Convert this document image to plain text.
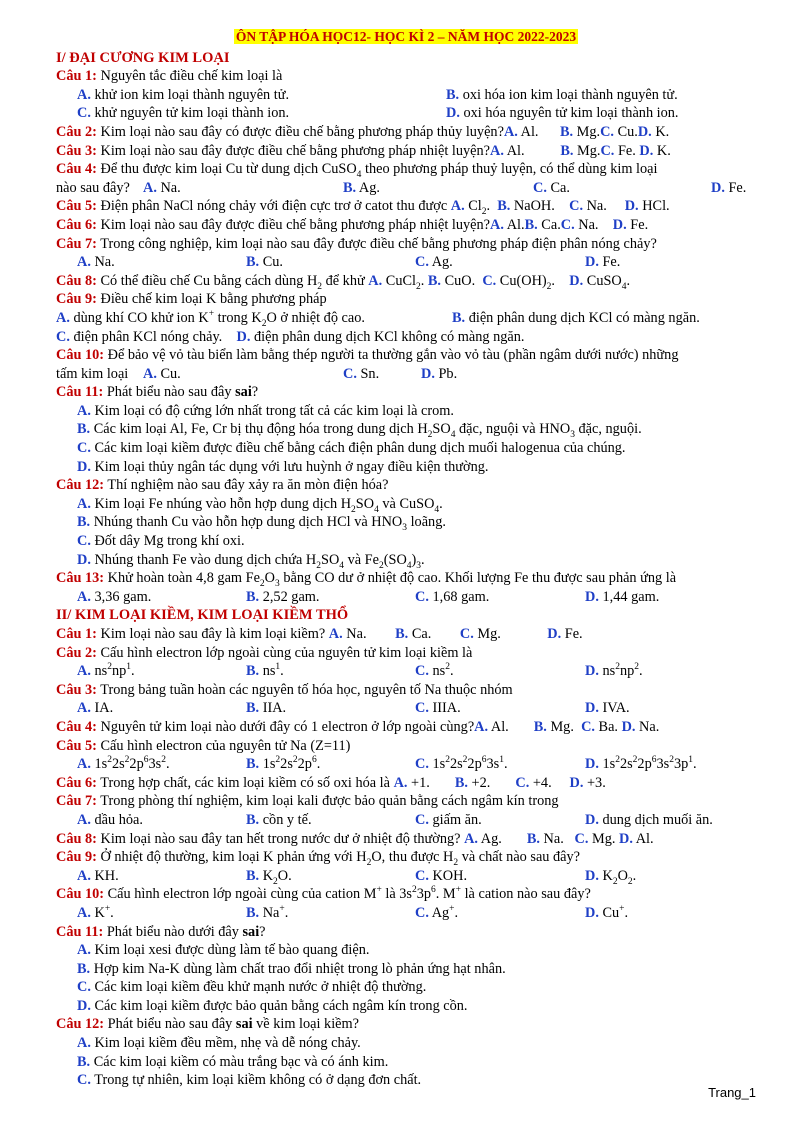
ÔN TẬP HÓA HỌC12- HỌC KÌ 2 – NĂM HỌC 2022-2023
I/ ĐẠI CƯƠNG KIM LOẠI
Câu 1: Nguyên tắc điều chế kim loại là
A. khử ion kim loại thành nguyên tử.	B. oxi hóa ion kim loại thành nguyên tử.
C. khử nguyên tử kim loại thành ion.	D. oxi hóa nguyên tử kim loại thành ion.
Câu 2: Kim loại nào sau đây có được điều chế bằng phương pháp thủy luyện?A. Al.      B. Mg.C. Cu.D. K.
Câu 3: Kim loại nào sau đây được điều chế bằng phương pháp nhiệt luyện?A. Al.          B. Mg.C. Fe. D. K.
Câu 4: Để thu được kim loại Cu từ dung dịch CuSO$_4$ theo phương pháp thuỷ luyện, có thể dùng kim loại
nào sau đây? A. Na.	B. Ag.	C. Ca.	D. Fe.
Câu 5: Điện phân NaCl nóng chảy với điện cực trơ ở catot thu được A. $Cl_2$.  B. NaOH.    C. Na.     D. HCl.
Câu 6: Kim loại nào sau đây được điều chế bằng phương pháp nhiệt luyện?A. Al.B. Ca.C. Na.    D. Fe.
Câu 7: Trong công nghiệp, kim loại nào sau đây được điều chế bằng phương pháp điện phân nóng chảy?
A. Na.	B. Cu.	C. Ag.	D. Fe.
Câu 8: Có thể điều chế Cu bằng cách dùng $H_2$ để khử A. CuCl$_2$. B. CuO.  C. $Cu(OH)_2$.    D. CuSO$_4$.
Câu 9: Điều chế kim loại K bằng phương pháp
A. dùng khí CO khử ion K+ trong $K_2O$ ở nhiệt độ cao.	B. điện phân dung dịch KCl có màng ngăn.
C. điện phân KCl nóng chảy.    D. điện phân dung dịch KCl không có màng ngăn.
Câu 10: Để bảo vệ vỏ tàu biển làm bằng thép người ta thường gắn vào vỏ tàu (phần ngâm dưới nước) những
tấm kim loại	A. Cu.	C. Sn.	D. Pb.
Câu 11: Phát biểu nào sau đây sai?
A. Kim loại có độ cứng lớn nhất trong tất cả các kim loại là crom.
B. Các kim loại Al, Fe, Cr bị thụ động hóa trong dung dịch $H_2SO_4$ đặc, nguội và $HNO_3$ đặc, nguội.
C. Các kim loại kiềm được điều chế bằng cách điện phân dung dịch muối halogenua của chúng.
D. Kim loại thủy ngân tác dụng với lưu huỳnh ở ngay điều kiện thường.
Câu 12: Thí nghiệm nào sau đây xảy ra ăn mòn điện hóa?
A. Kim loại Fe nhúng vào hỗn hợp dung dịch $H_2SO_4$ và CuSO$_4$.
B. Nhúng thanh Cu vào hỗn hợp dung dịch HCl và $HNO_3$ loãng.
C. Đốt dây Mg trong khí oxi.
D. Nhúng thanh Fe vào dung dịch chứa $H_2SO_4$ và $Fe_2(SO_4)_3$.
Câu 13: Khử hoàn toàn 4,8 gam $Fe_2O_3$ bằng CO dư ở nhiệt độ cao. Khối lượng Fe thu được sau phản ứng là
A. 3,36 gam.	B. 2,52 gam.	C. 1,68 gam.	D. 1,44 gam.
II/ KIM LOẠI KIỀM, KIM LOẠI KIỀM THỔ
Câu 1: Kim loại nào sau đây là kim loại kiềm? A. Na.        B. Ca.        C. Mg.             D. Fe.
Câu 2: Cấu hình electron lớp ngoài cùng của nguyên tử kim loại kiềm là
A. $ns^2np^1$.	B. $ns^1$.	C. $ns^2$.	D. $ns^2np^2$.
Câu 3: Trong bảng tuần hoàn các nguyên tố hóa học, nguyên tố Na thuộc nhóm
A. IA.	B. IIA.	C. IIIA.	D. IVA.
Câu 4: Nguyên tử kim loại nào dưới đây có 1 electron ở lớp ngoài cùng?A. Al.       B. Mg.  C. Ba. D. Na.
Câu 5: Cấu hình electron của nguyên tử Na (Z=11)
A. $1s^22s^22p^63s^2$.	B. $1s^22s^22p^6$.	C. $1s^22s^22p^63s^1$.	D. $1s^22s^22p^63s^23p^1$.
Câu 6: Trong hợp chất, các kim loại kiềm có số oxi hóa là A. +1.       B. +2.       C. +4.     D. +3.
Câu 7: Trong phòng thí nghiệm, kim loại kali được bảo quản bằng cách ngâm kín trong
A. dầu hỏa.	B. cồn y tế.	C. giấm ăn.	D. dung dịch muối ăn.
Câu 8: Kim loại nào sau đây tan hết trong nước dư ở nhiệt độ thường? A. Ag.       B. Na.   C. Mg. D. Al.
Câu 9: Ở nhiệt độ thường, kim loại K phản ứng với $H_2O$, thu được $H_2$ và chất nào sau đây?
A. KH.	B. $K_2O$.	C. KOH.	D. $K_2O_2$.
Câu 10: Cấu hình electron lớp ngoài cùng của cation M+ là $3s^23p^6$. M+ là cation nào sau đây?
A. K+.	B. Na+.	C. Ag+.	D. Cu+.
Câu 11: Phát biểu nào dưới đây sai?
A. Kim loại xesi được dùng làm tế bào quang điện.
B. Hợp kim Na-K dùng làm chất trao đổi nhiệt trong lò phản ứng hạt nhân.
C. Các kim loại kiềm đều khử mạnh nước ở nhiệt độ thường.
D. Các kim loại kiềm được bảo quản bằng cách ngâm kín trong cồn.
Câu 12: Phát biểu nào sau đây sai về kim loại kiềm?
A. Kim loại kiềm đều mềm, nhẹ và dễ nóng chảy.
B. Các kim loại kiềm có màu trắng bạc và có ánh kim.
C. Trong tự nhiên, kim loại kiềm không có ở dạng đơn chất.
Trang_1
